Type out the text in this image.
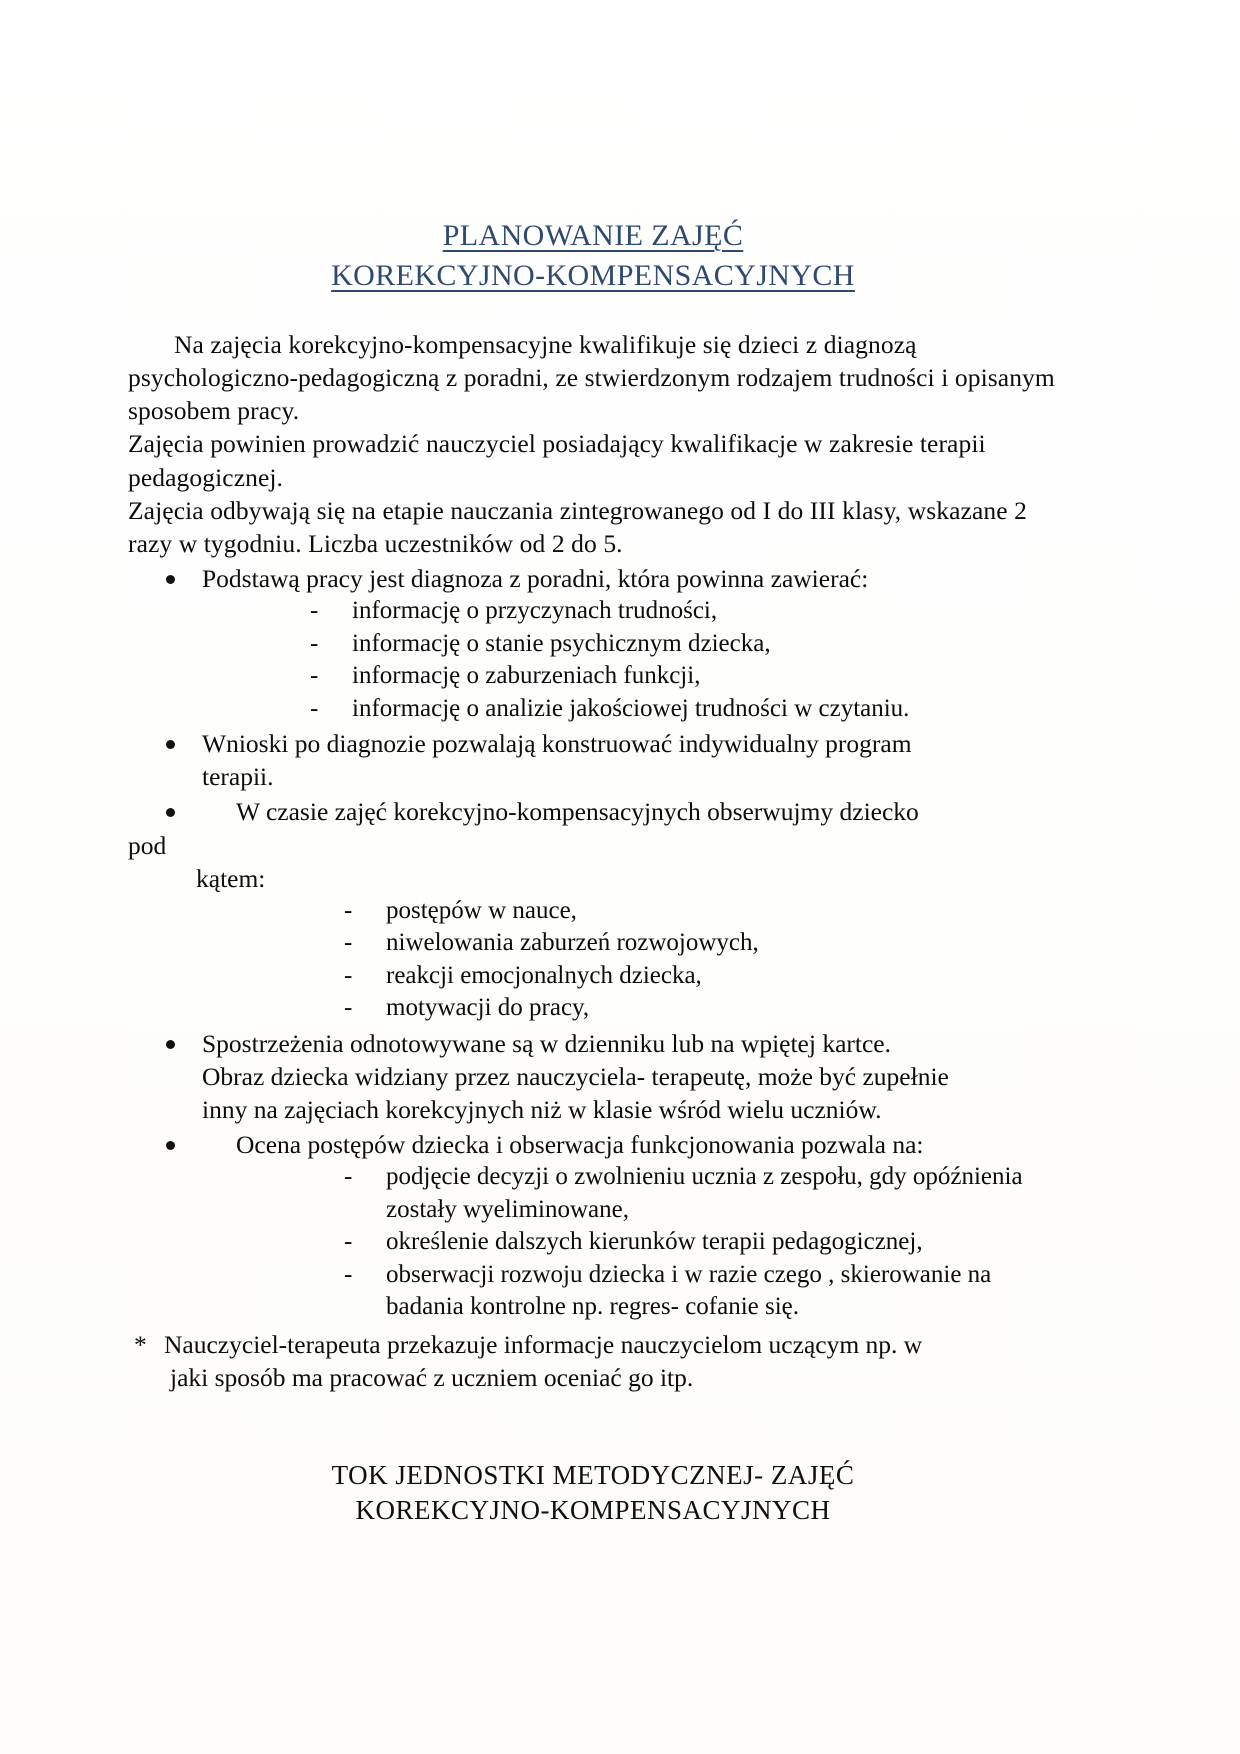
PLANOWANIE ZAJĘĆ
KOREKCYJNO-KOMPENSACYJNYCH

Na zajęcia korekcyjno-kompensacyjne kwalifikuje się dzieci z diagnozą psychologiczno-pedagogiczną z poradni, ze stwierdzonym rodzajem trudności i opisanym sposobem pracy.

Zajęcia powinien prowadzić nauczyciel posiadający kwalifikacje w zakresie terapii pedagogicznej.

Zajęcia odbywają się na etapie nauczania zintegrowanego od I do III klasy, wskazane 2 razy w tygodniu. Liczba uczestników od 2 do 5.

Podstawą pracy jest diagnoza z poradni, która powinna zawierać:
- informację o przyczynach trudności,
- informację o stanie psychicznym dziecka,
- informację o zaburzeniach funkcji,
- informację o analizie jakościowej trudności w czytaniu.
Wnioski po diagnozie pozwalają konstruować indywidualny program
terapii.
W czasie zajęć korekcyjno-kompensacyjnych obserwujmy dziecko
pod
kątem:
- postępów w nauce,
- niwelowania zaburzeń rozwojowych,
- reakcji emocjonalnych dziecka,
- motywacji do pracy,
Spostrzeżenia odnotowywane są w dzienniku lub na wpiętej kartce.
Obraz dziecka widziany przez nauczyciela- terapeutę, może być zupełnie
inny na zajęciach korekcyjnych niż w klasie wśród wielu uczniów.
Ocena postępów dziecka i obserwacja funkcjonowania pozwala na:
- podjęcie decyzji o zwolnieniu ucznia z zespołu, gdy opóźnienia
zostały wyeliminowane,
- określenie dalszych kierunków terapii pedagogicznej,
- obserwacji rozwoju dziecka i w razie czego , skierowanie na
badania kontrolne np. regres- cofanie się.
* Nauczyciel-terapeuta przekazuje informacje nauczycielom uczącym np. w
jaki sposób ma pracować z uczniem oceniać go itp.
TOK JEDNOSTKI METODYCZNEJ- ZAJĘĆ
KOREKCYJNO-KOMPENSACYJNYCH
